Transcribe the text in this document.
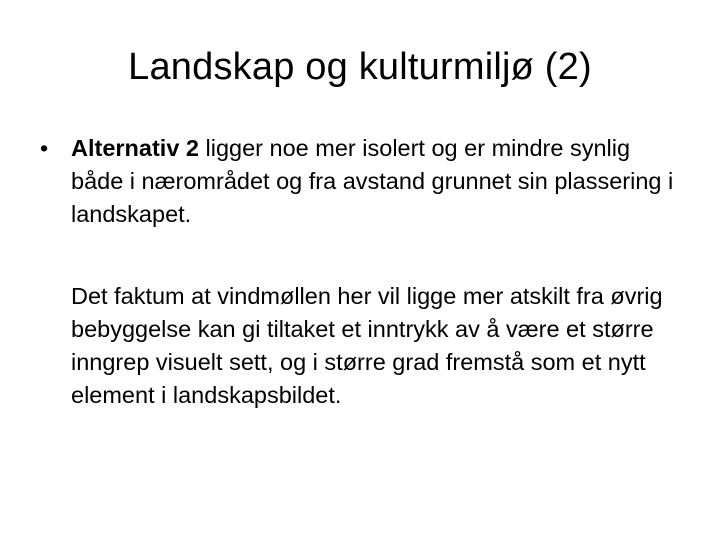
Landskap og kulturmiljø (2)
• Alternativ 2 ligger noe mer isolert og er mindre synlig både i nærområdet og fra avstand grunnet sin plassering i landskapet.

Det faktum at vindmøllen her vil ligge mer atskilt fra øvrig bebyggelse kan gi tiltaket et inntrykk av å være et større inngrep visuelt sett, og i større grad fremstå som et nytt element i landskapsbildet.
